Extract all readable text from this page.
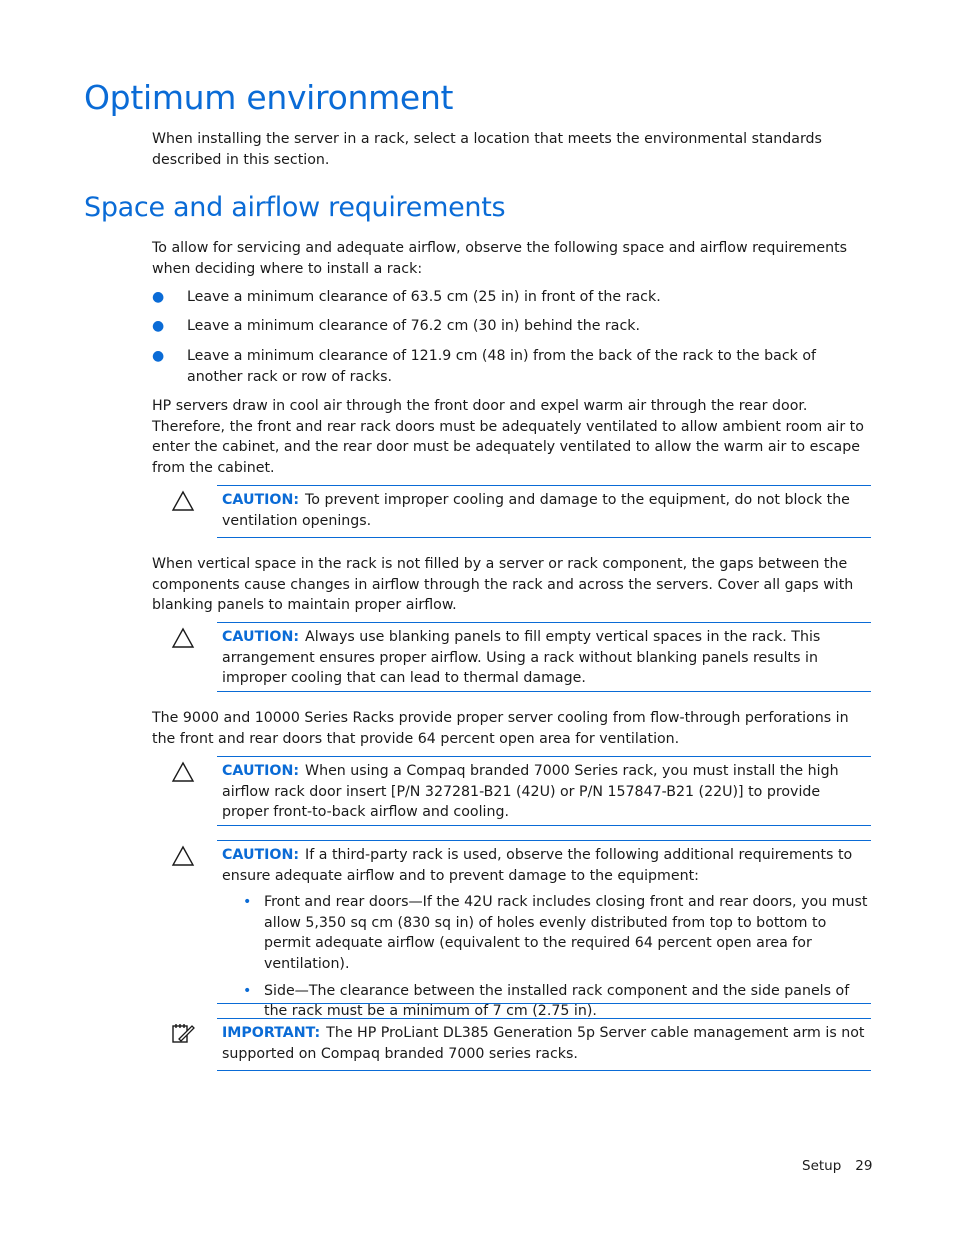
Optimum environment

When installing the server in a rack, select a location that meets the environmental standards described in this section.

Space and airflow requirements

To allow for servicing and adequate airflow, observe the following space and airflow requirements when deciding where to install a rack:

● Leave a minimum clearance of 63.5 cm (25 in) in front of the rack.
● Leave a minimum clearance of 76.2 cm (30 in) behind the rack.
● Leave a minimum clearance of 121.9 cm (48 in) from the back of the rack to the back of another rack or row of racks.

HP servers draw in cool air through the front door and expel warm air through the rear door. Therefore, the front and rear rack doors must be adequately ventilated to allow ambient room air to enter the cabinet, and the rear door must be adequately ventilated to allow the warm air to escape from the cabinet.

CAUTION: To prevent improper cooling and damage to the equipment, do not block the ventilation openings.

When vertical space in the rack is not filled by a server or rack component, the gaps between the components cause changes in airflow through the rack and across the servers. Cover all gaps with blanking panels to maintain proper airflow.

CAUTION: Always use blanking panels to fill empty vertical spaces in the rack. This arrangement ensures proper airflow. Using a rack without blanking panels results in improper cooling that can lead to thermal damage.

The 9000 and 10000 Series Racks provide proper server cooling from flow-through perforations in the front and rear doors that provide 64 percent open area for ventilation.

CAUTION: When using a Compaq branded 7000 Series rack, you must install the high airflow rack door insert [P/N 327281-B21 (42U) or P/N 157847-B21 (22U)] to provide proper front-to-back airflow and cooling.
CAUTION: If a third-party rack is used, observe the following additional requirements to ensure adequate airflow and to prevent damage to the equipment:
• Front and rear doors—If the 42U rack includes closing front and rear doors, you must allow 5,350 sq cm (830 sq in) of holes evenly distributed from top to bottom to permit adequate airflow (equivalent to the required 64 percent open area for ventilation).
• Side—The clearance between the installed rack component and the side panels of the rack must be a minimum of 7 cm (2.75 in).
IMPORTANT: The HP ProLiant DL385 Generation 5p Server cable management arm is not supported on Compaq branded 7000 series racks.
Setup 29
